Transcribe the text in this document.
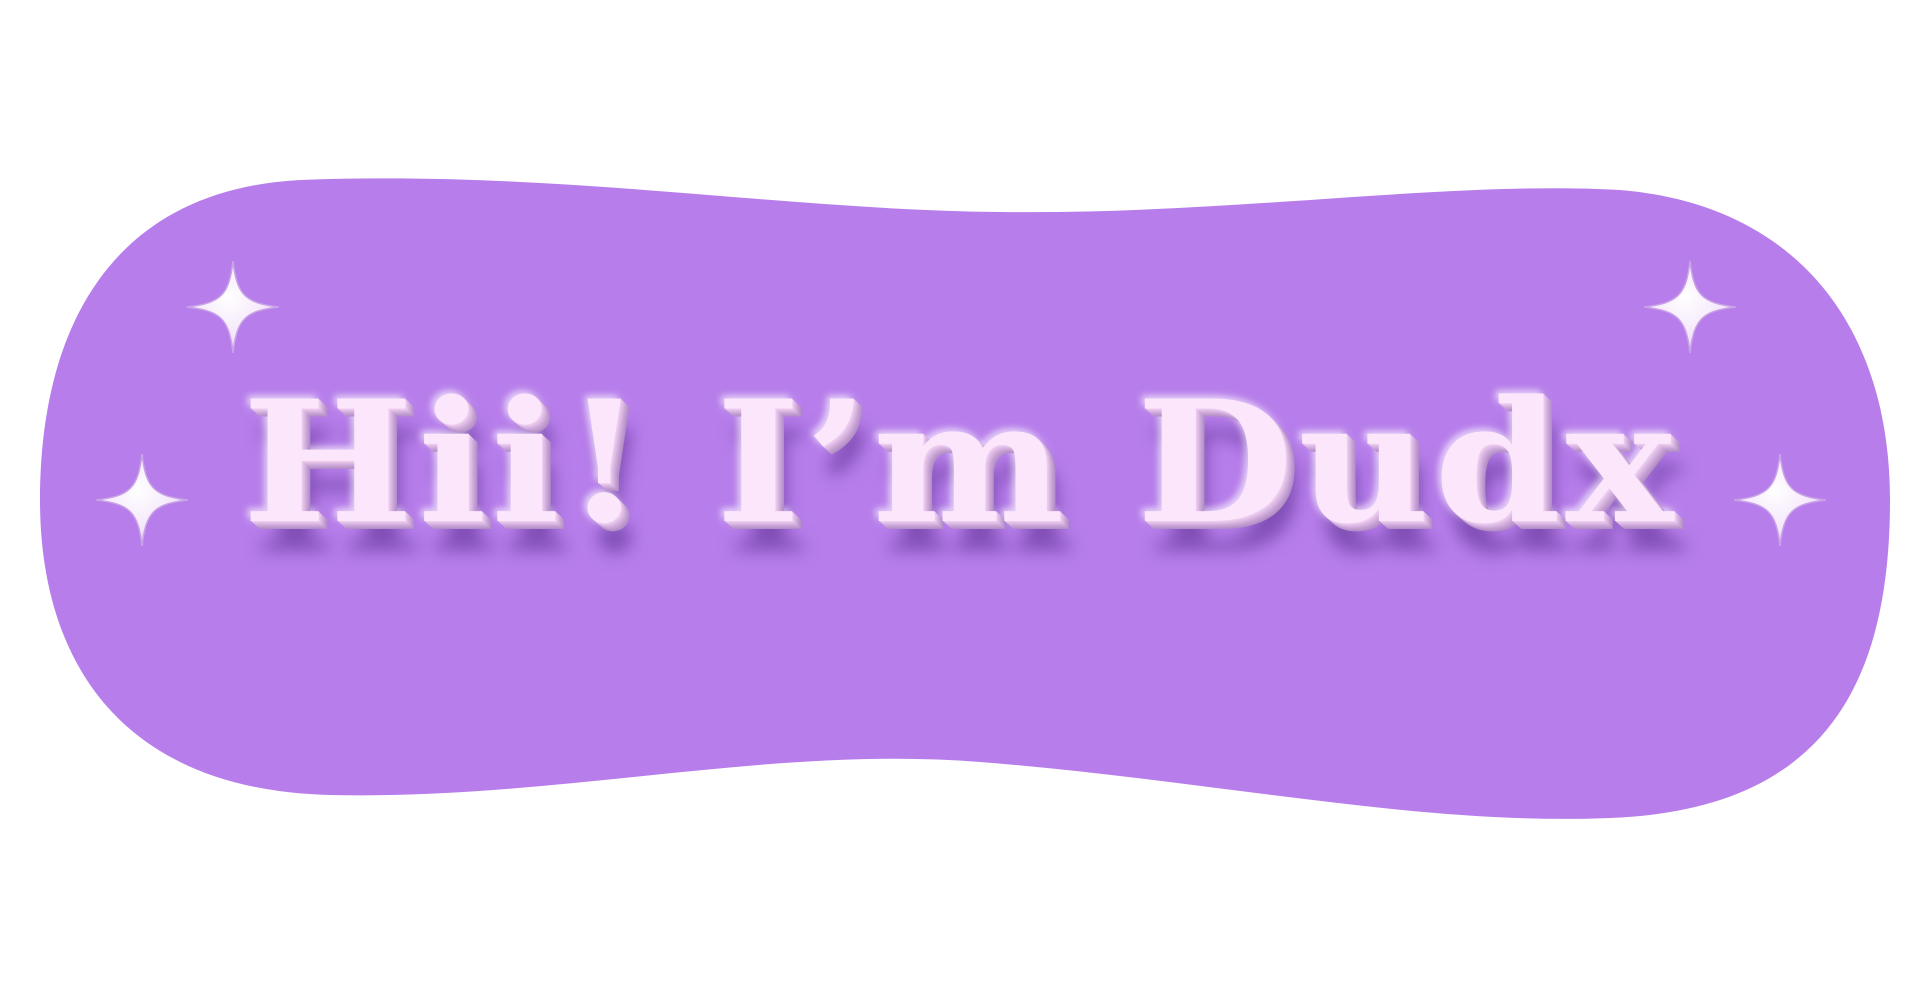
Hii! I’m Dudx
